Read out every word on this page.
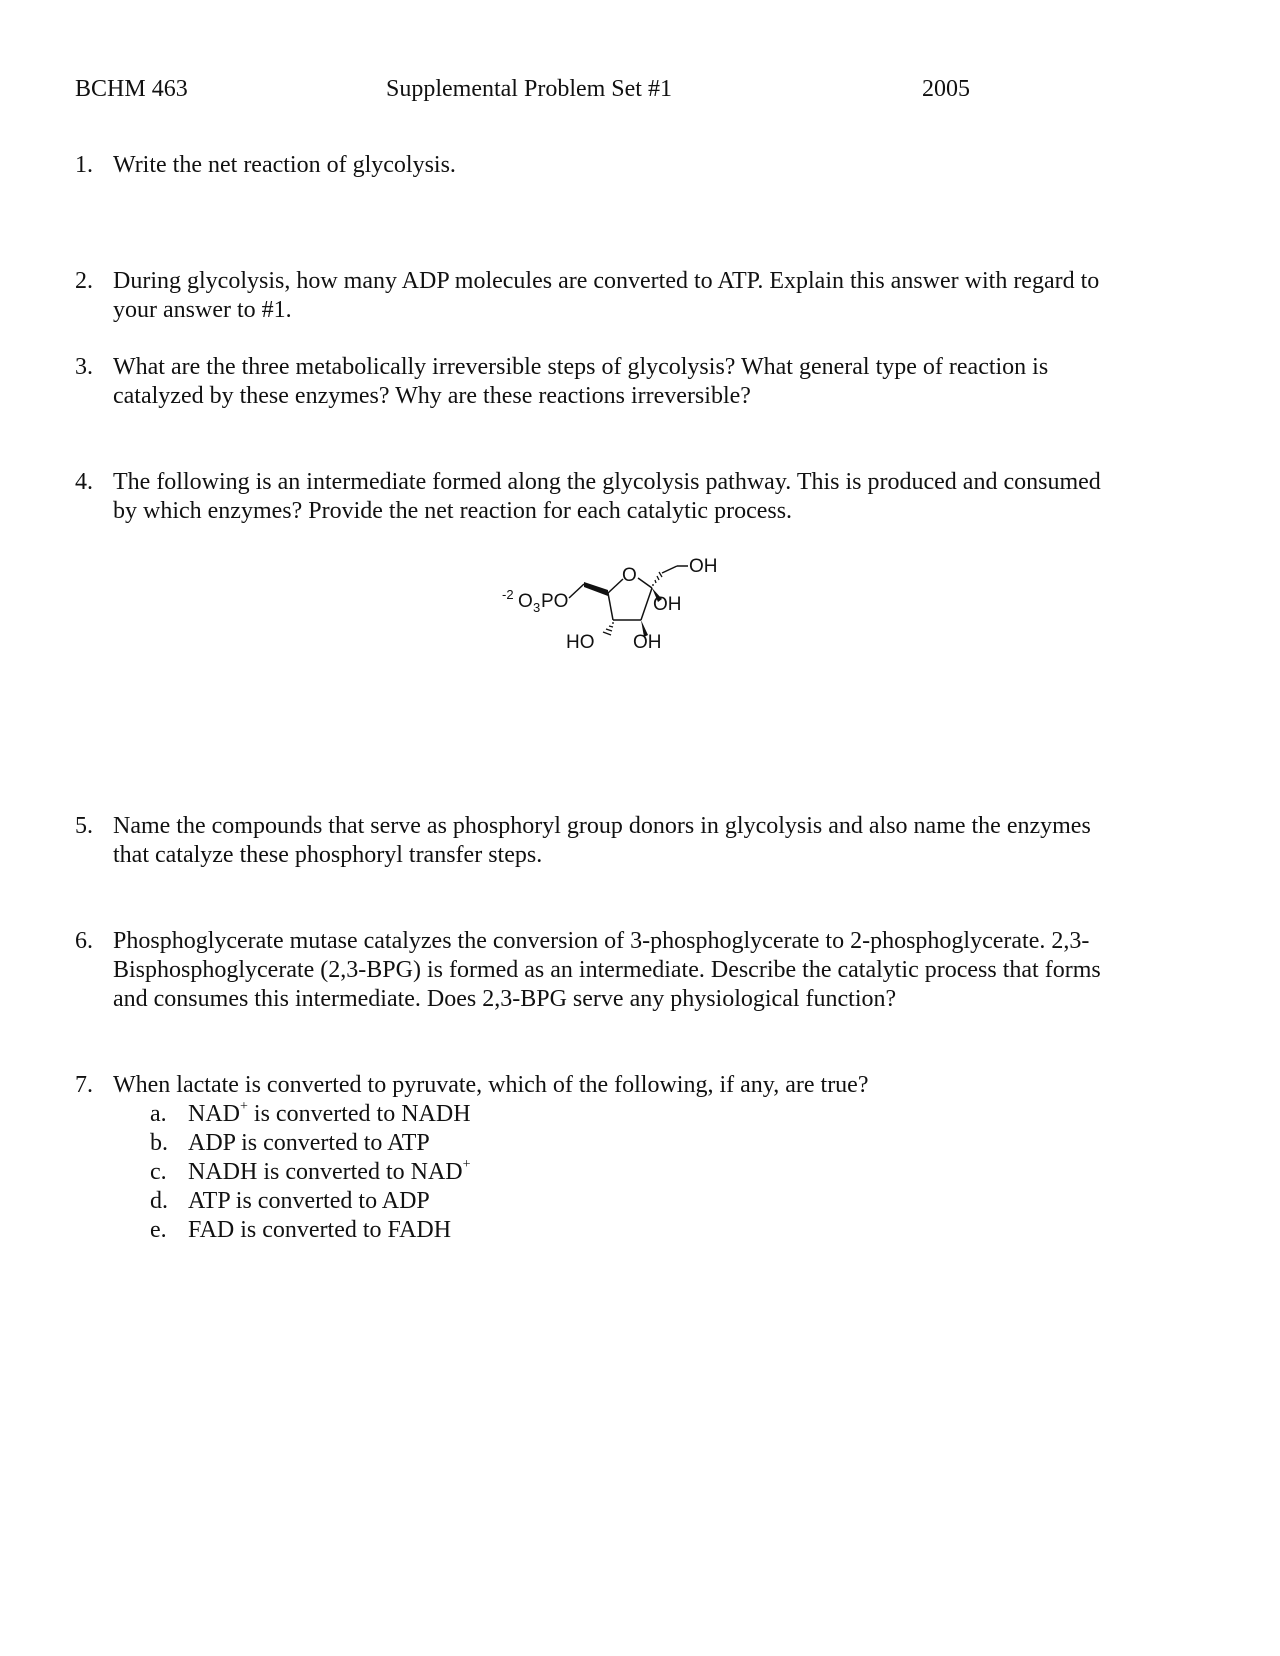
BCHM 463	Supplemental Problem Set #1	2005
1. Write the net reaction of glycolysis.
2. During glycolysis, how many ADP molecules are converted to ATP. Explain this answer with regard to
your answer to #1.
3. What are the three metabolically irreversible steps of glycolysis? What general type of reaction is
catalyzed by these enzymes? Why are these reactions irreversible?
4. The following is an intermediate formed along the glycolysis pathway. This is produced and consumed
by which enzymes? Provide the net reaction for each catalytic process.
-2 O 3 PO
O	OH
OH
OH
HO
5. Name the compounds that serve as phosphoryl group donors in glycolysis and also name the enzymes
that catalyze these phosphoryl transfer steps.
6. Phosphoglycerate mutase catalyzes the conversion of 3-phosphoglycerate to 2-phosphoglycerate. 2,3-
Bisphosphoglycerate (2,3-BPG) is formed as an intermediate. Describe the catalytic process that forms
and consumes this intermediate. Does 2,3-BPG serve any physiological function?
7. When lactate is converted to pyruvate, which of the following, if any, are true?
a. NAD+ is converted to NADH
b. ADP is converted to ATP
c. NADH is converted to NAD+
d. ATP is converted to ADP
e. FAD is converted to FADH
